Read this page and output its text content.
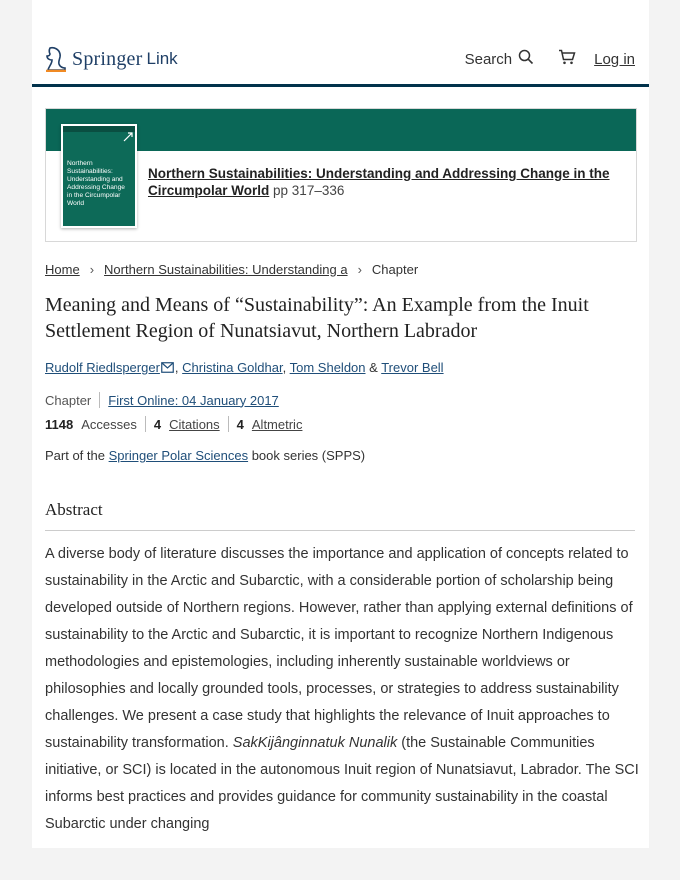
Springer Link	Search	Log in
Northern Sustainabilities: Understanding and Addressing Change in the Circumpolar World
Northern Sustainabilities: Understanding and Addressing Change in the Circumpolar World pp 317–336
Home › Northern Sustainabilities: Understanding a › Chapter
Meaning and Means of “Sustainability”: An Example from the Inuit Settlement Region of Nunatsiavut, Northern Labrador
Rudolf Riedlsperger , Christina Goldhar, Tom Sheldon & Trevor Bell
Chapter First Online: 04 January 2017
1148 Accesses 4 Citations 4 Altmetric
Part of the Springer Polar Sciences book series (SPPS)
Abstract
A diverse body of literature discusses the importance and application of concepts related to sustainability in the Arctic and Subarctic, with a considerable portion of scholarship being developed outside of Northern regions. However, rather than applying external definitions of sustainability to the Arctic and Subarctic, it is important to recognize Northern Indigenous methodologies and epistemologies, including inherently sustainable worldviews or philosophies and locally grounded tools, processes, or strategies to address sustainability challenges. We present a case study that highlights the relevance of Inuit approaches to sustainability transformation. SakKijânginnatuk Nunalik (the Sustainable Communities initiative, or SCI) is located in the autonomous Inuit region of Nunatsiavut, Labrador. The SCI informs best practices and provides guidance for community sustainability in the coastal Subarctic under changing
